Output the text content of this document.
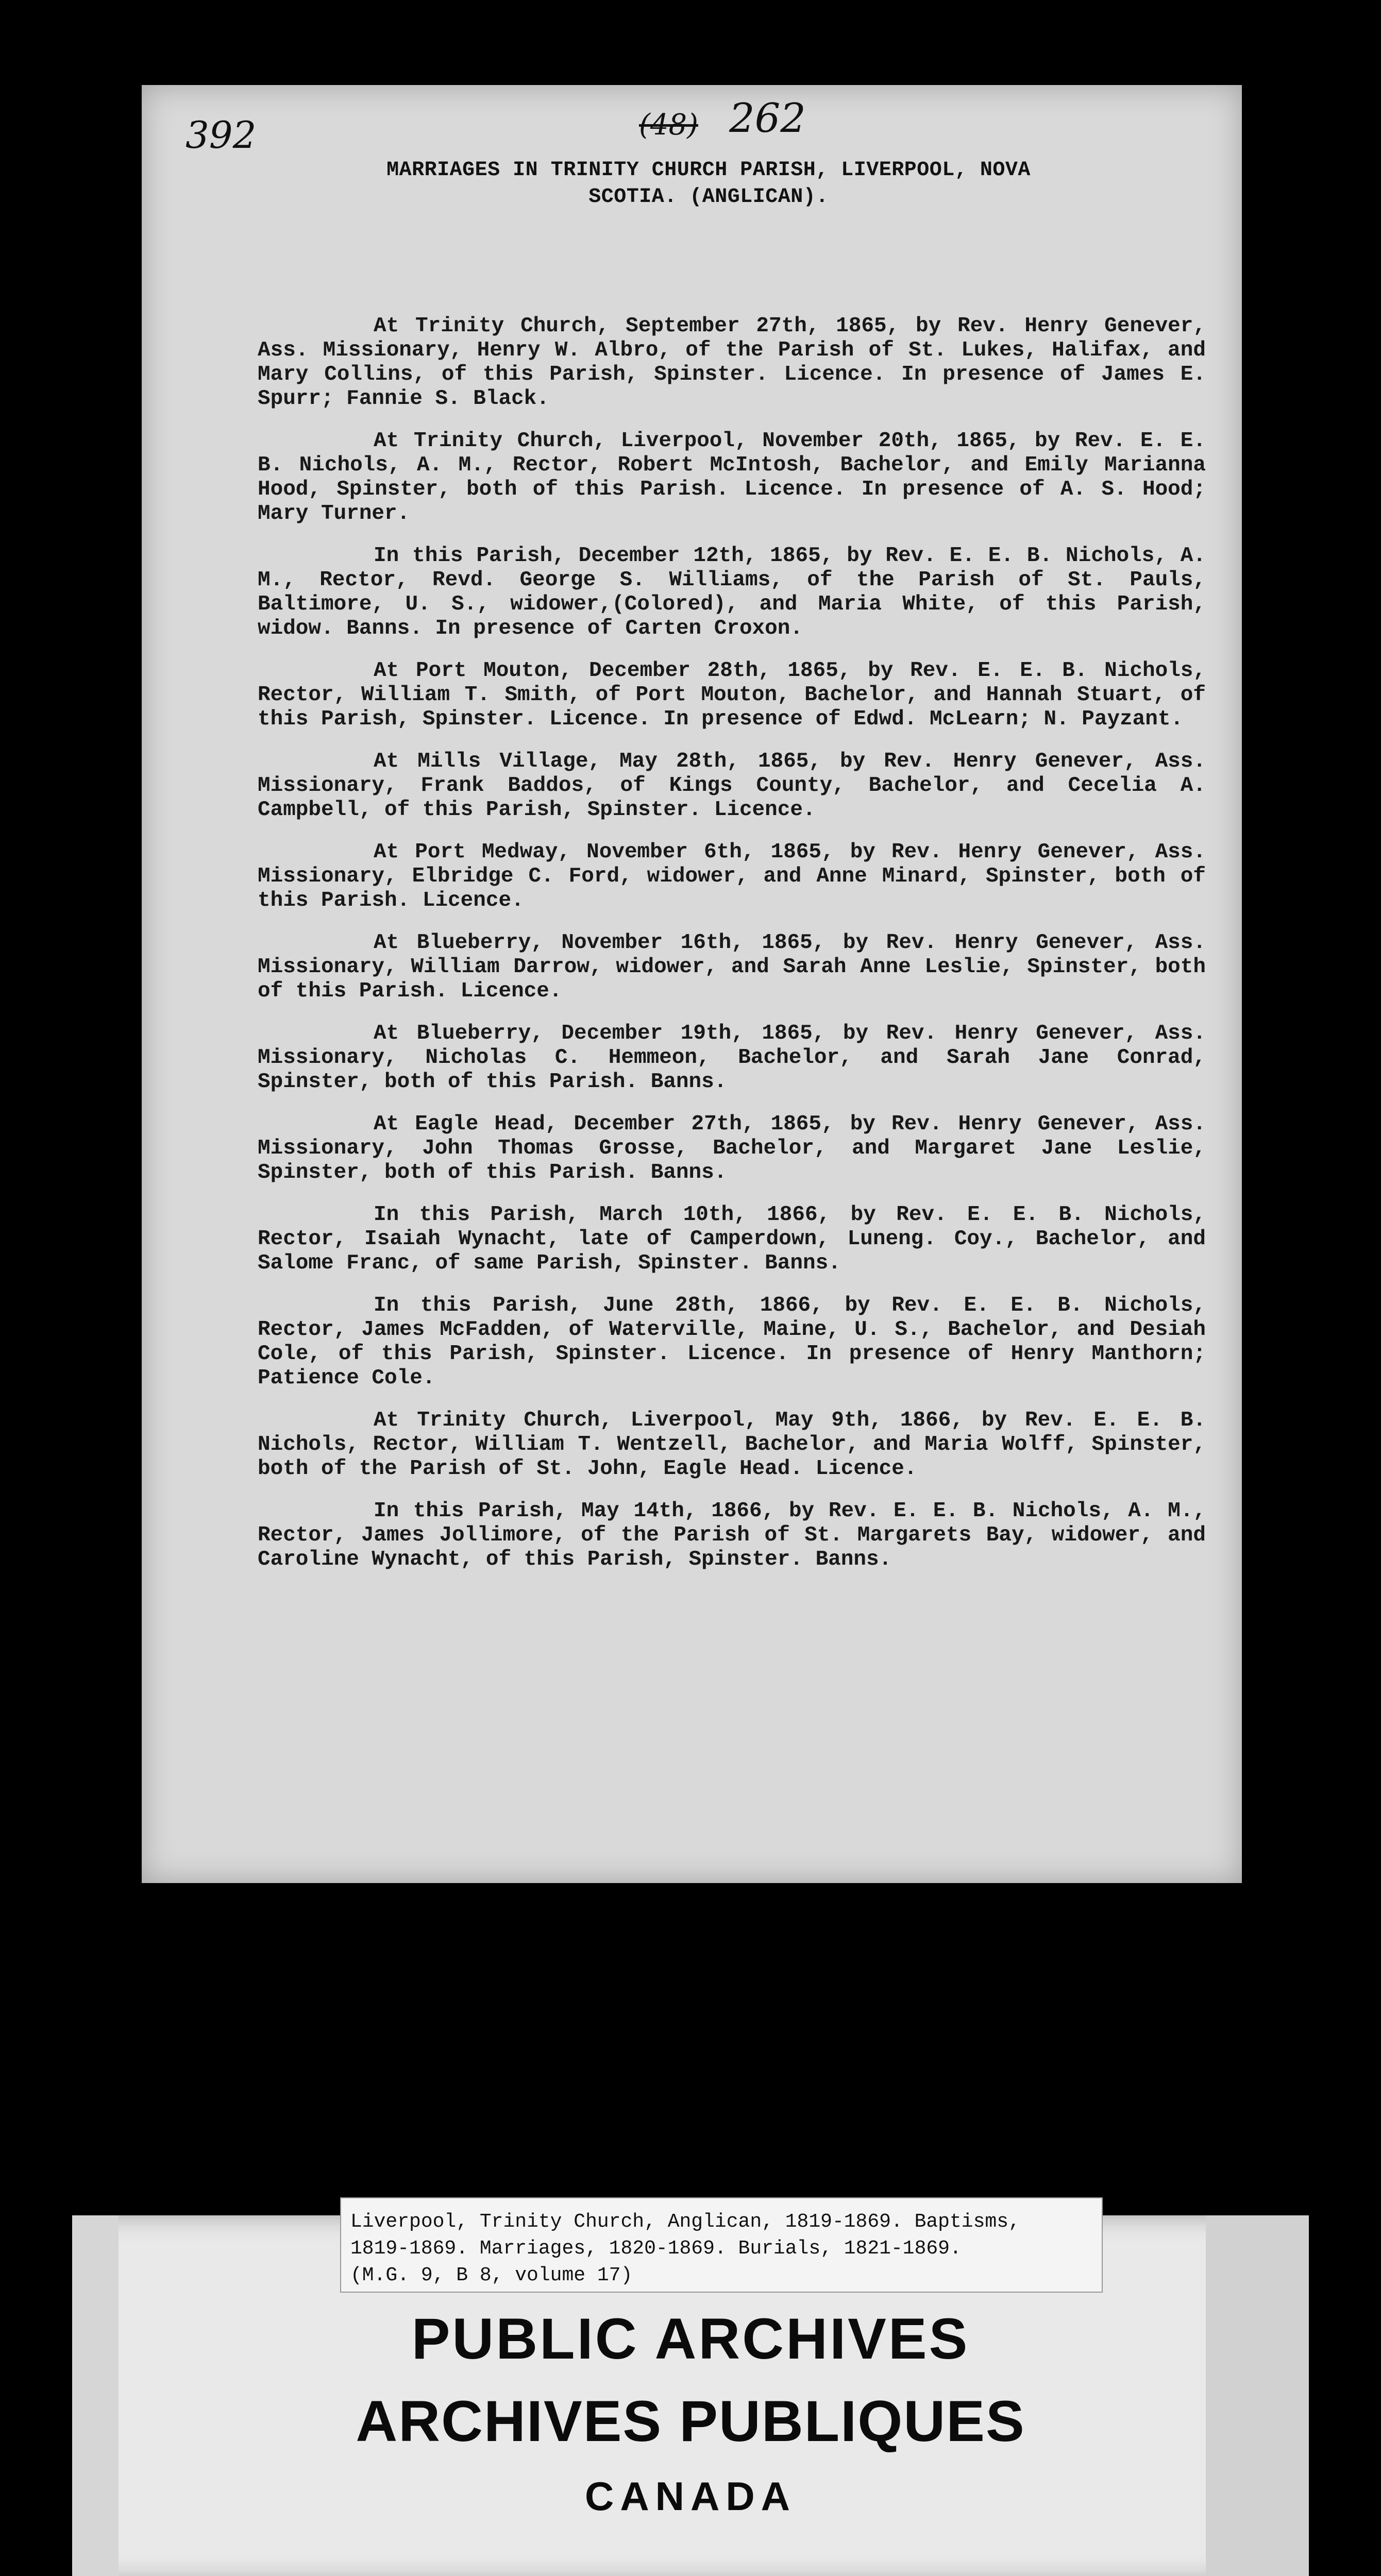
392	(48) 262
MARRIAGES IN TRINITY CHURCH PARISH, LIVERPOOL, NOVA
SCOTIA. (ANGLICAN).

At Trinity Church, September 27th, 1865, by Rev. Henry Genever, Ass. Missionary, Henry W. Albro, of the Parish of St. Lukes, Halifax, and Mary Collins, of this Parish, Spinster. Licence. In presence of James E. Spurr; Fannie S. Black.

At Trinity Church, Liverpool, November 20th, 1865, by Rev. E. E. B. Nichols, A. M., Rector, Robert McIntosh, Bachelor, and Emily Marianna Hood, Spinster, both of this Parish. Licence. In presence of A. S. Hood; Mary Turner.

In this Parish, December 12th, 1865, by Rev. E. E. B. Nichols, A. M., Rector, Revd. George S. Williams, of the Parish of St. Pauls, Baltimore, U. S., widower,(Colored), and Maria White, of this Parish, widow. Banns. In presence of Carten Croxon.

At Port Mouton, December 28th, 1865, by Rev. E. E. B. Nichols, Rector, William T. Smith, of Port Mouton, Bachelor, and Hannah Stuart, of this Parish, Spinster. Licence. In presence of Edwd. McLearn; N. Payzant.

At Mills Village, May 28th, 1865, by Rev. Henry Genever, Ass. Missionary, Frank Baddos, of Kings County, Bachelor, and Cecelia A. Campbell, of this Parish, Spinster. Licence.

At Port Medway, November 6th, 1865, by Rev. Henry Genever, Ass. Missionary, Elbridge C. Ford, widower, and Anne Minard, Spinster, both of this Parish. Licence.

At Blueberry, November 16th, 1865, by Rev. Henry Genever, Ass. Missionary, William Darrow, widower, and Sarah Anne Leslie, Spinster, both of this Parish. Licence.

At Blueberry, December 19th, 1865, by Rev. Henry Genever, Ass. Missionary, Nicholas C. Hemmeon, Bachelor, and Sarah Jane Conrad, Spinster, both of this Parish. Banns.

At Eagle Head, December 27th, 1865, by Rev. Henry Genever, Ass. Missionary, John Thomas Grosse, Bachelor, and Margaret Jane Leslie, Spinster, both of this Parish. Banns.

In this Parish, March 10th, 1866, by Rev. E. E. B. Nichols, Rector, Isaiah Wynacht, late of Camperdown, Luneng. Coy., Bachelor, and Salome Franc, of same Parish, Spinster. Banns.

In this Parish, June 28th, 1866, by Rev. E. E. B. Nichols, Rector, James McFadden, of Waterville, Maine, U. S., Bachelor, and Desiah Cole, of this Parish, Spinster. Licence. In presence of Henry Manthorn; Patience Cole.

At Trinity Church, Liverpool, May 9th, 1866, by Rev. E. E. B. Nichols, Rector, William T. Wentzell, Bachelor, and Maria Wolff, Spinster, both of the Parish of St. John, Eagle Head. Licence.

In this Parish, May 14th, 1866, by Rev. E. E. B. Nichols, A. M., Rector, James Jollimore, of the Parish of St. Margarets Bay, widower, and Caroline Wynacht, of this Parish, Spinster. Banns.

Liverpool, Trinity Church, Anglican, 1819-1869. Baptisms,
1819-1869. Marriages, 1820-1869. Burials, 1821-1869.
(M.G. 9, B 8, volume 17)
PUBLIC ARCHIVES
ARCHIVES PUBLIQUES
CANADA
